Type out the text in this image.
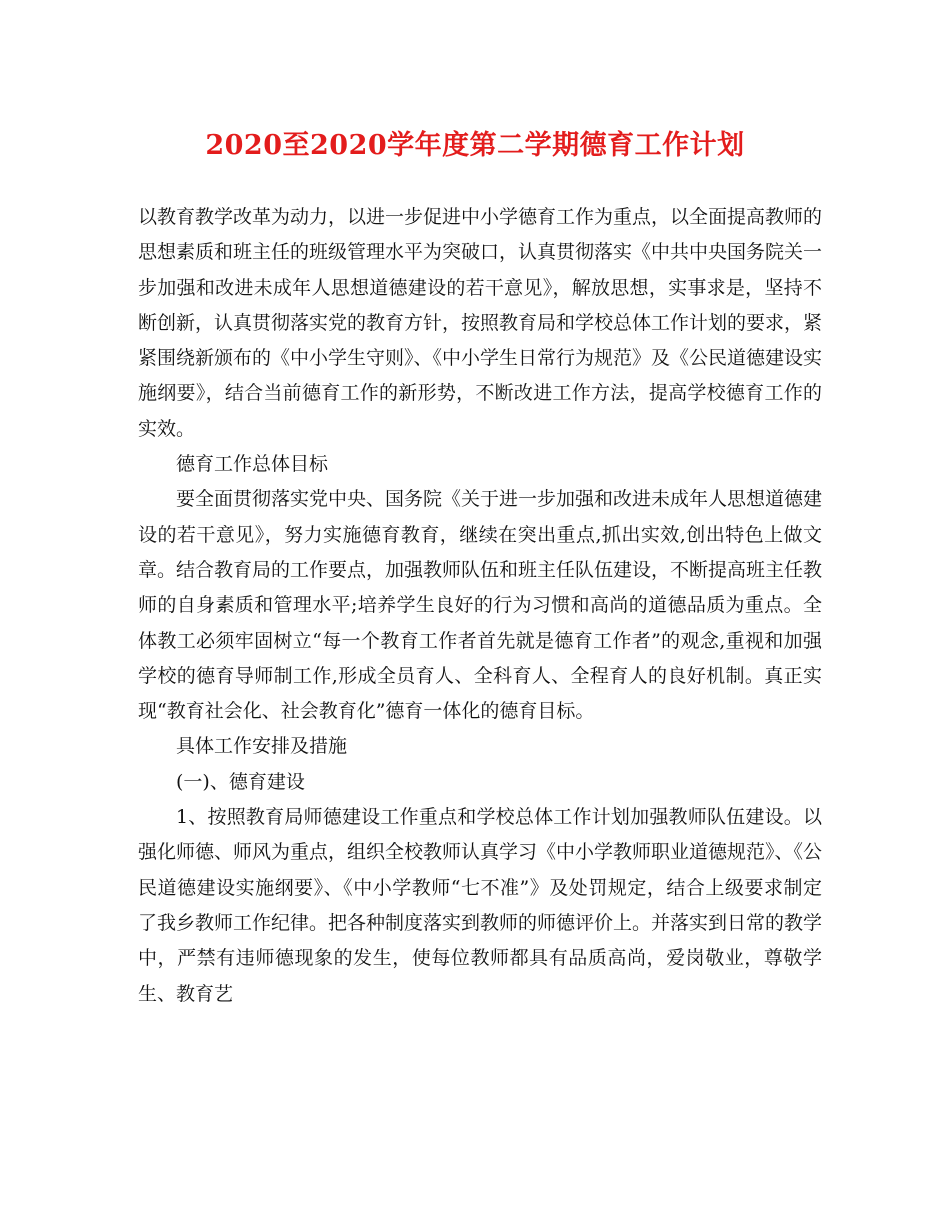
2020至2020学年度第二学期德育工作计划

以教育教学改革为动力，以进一步促进中小学德育工作为重点，以全面提高教师的思想素质和班主任的班级管理水平为突破口，认真贯彻落实《中共中央国务院关一步加强和改进未成年人思想道德建设的若干意见》，解放思想，实事求是，坚持不断创新，认真贯彻落实党的教育方针，按照教育局和学校总体工作计划的要求，紧紧围绕新颁布的《中小学生守则》、《中小学生日常行为规范》及《公民道德建设实施纲要》，结合当前德育工作的新形势，不断改进工作方法，提高学校德育工作的实效。

德育工作总体目标

要全面贯彻落实党中央、国务院《关于进一步加强和改进未成年人思想道德建设的若干意见》，努力实施德育教育，继续在突出重点,抓出实效,创出特色上做文章。结合教育局的工作要点，加强教师队伍和班主任队伍建设，不断提高班主任教师的自身素质和管理水平;培养学生良好的行为习惯和高尚的道德品质为重点。全体教工必须牢固树立“每一个教育工作者首先就是德育工作者”的观念,重视和加强学校的德育导师制工作,形成全员育人、全科育人、全程育人的良好机制。真正实现“教育社会化、社会教育化”德育一体化的德育目标。

具体工作安排及措施

(一)、德育建设

1、按照教育局师德建设工作重点和学校总体工作计划加强教师队伍建设。以强化师德、师风为重点，组织全校教师认真学习《中小学教师职业道德规范》、《公民道德建设实施纲要》、《中小学教师“七不准”》及处罚规定，结合上级要求制定了我乡教师工作纪律。把各种制度落实到教师的师德评价上。并落实到日常的教学中，严禁有违师德现象的发生，使每位教师都具有品质高尚，爱岗敬业，尊敬学生、教育艺
